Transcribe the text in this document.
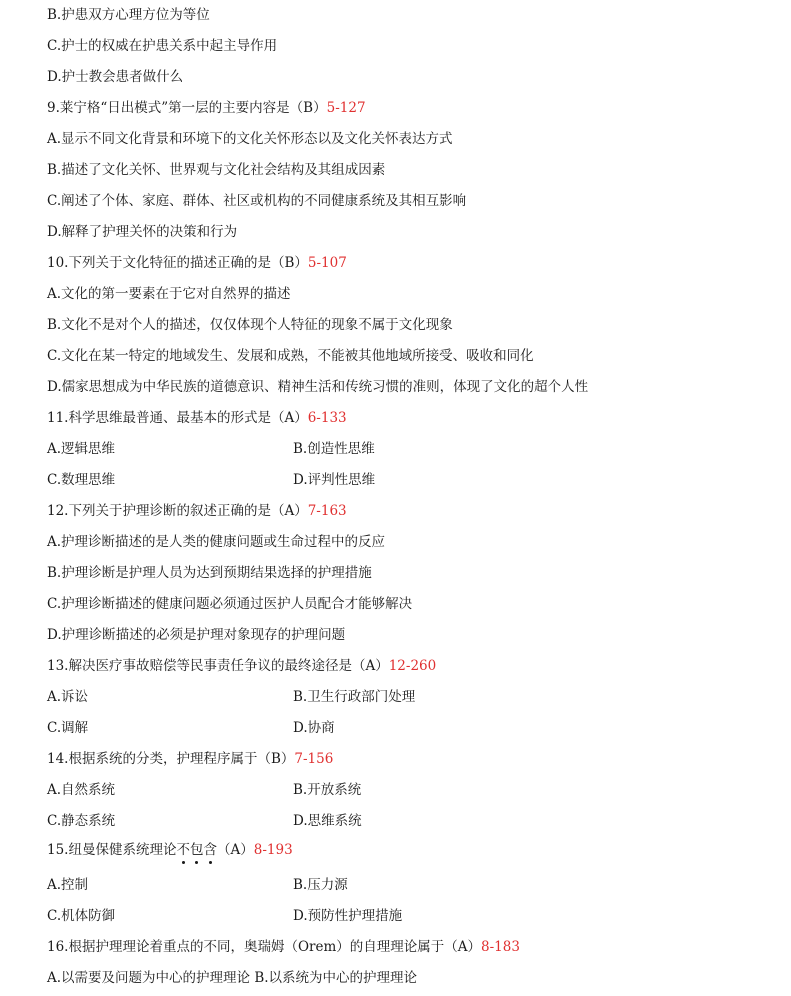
B.护患双方心理方位为等位
C.护士的权威在护患关系中起主导作用
D.护士教会患者做什么
9.莱宁格“日出模式”第一层的主要内容是（B）5-127
A.显示不同文化背景和环境下的文化关怀形态以及文化关怀表达方式
B.描述了文化关怀、世界观与文化社会结构及其组成因素
C.阐述了个体、家庭、群体、社区或机构的不同健康系统及其相互影响
D.解释了护理关怀的决策和行为
10.下列关于文化特征的描述正确的是（B）5-107
A.文化的第一要素在于它对自然界的描述
B.文化不是对个人的描述，仅仅体现个人特征的现象不属于文化现象
C.文化在某一特定的地域发生、发展和成熟，不能被其他地域所接受、吸收和同化
D.儒家思想成为中华民族的道德意识、精神生活和传统习惯的准则，体现了文化的超个人性
11.科学思维最普通、最基本的形式是（A）6-133
A.逻辑思维	B.创造性思维
C.数理思维	D.评判性思维
12.下列关于护理诊断的叙述正确的是（A）7-163
A.护理诊断描述的是人类的健康问题或生命过程中的反应
B.护理诊断是护理人员为达到预期结果选择的护理措施
C.护理诊断描述的健康问题必须通过医护人员配合才能够解决
D.护理诊断描述的必须是护理对象现存的护理问题
13.解决医疗事故赔偿等民事责任争议的最终途径是（A）12-260
A.诉讼	B.卫生行政部门处理
C.调解	D.协商
14.根据系统的分类，护理程序属于（B）7-156
A.自然系统	B.开放系统
C.静态系统	D.思维系统
15.纽曼保健系统理论不包含（A）8-193
A.控制	B.压力源
C.机体防御	D.预防性护理措施
16.根据护理理论着重点的不同，奥瑞姆（Orem）的自理理论属于（A）8-183
A.以需要及问题为中心的护理理论 B.以系统为中心的护理理论
